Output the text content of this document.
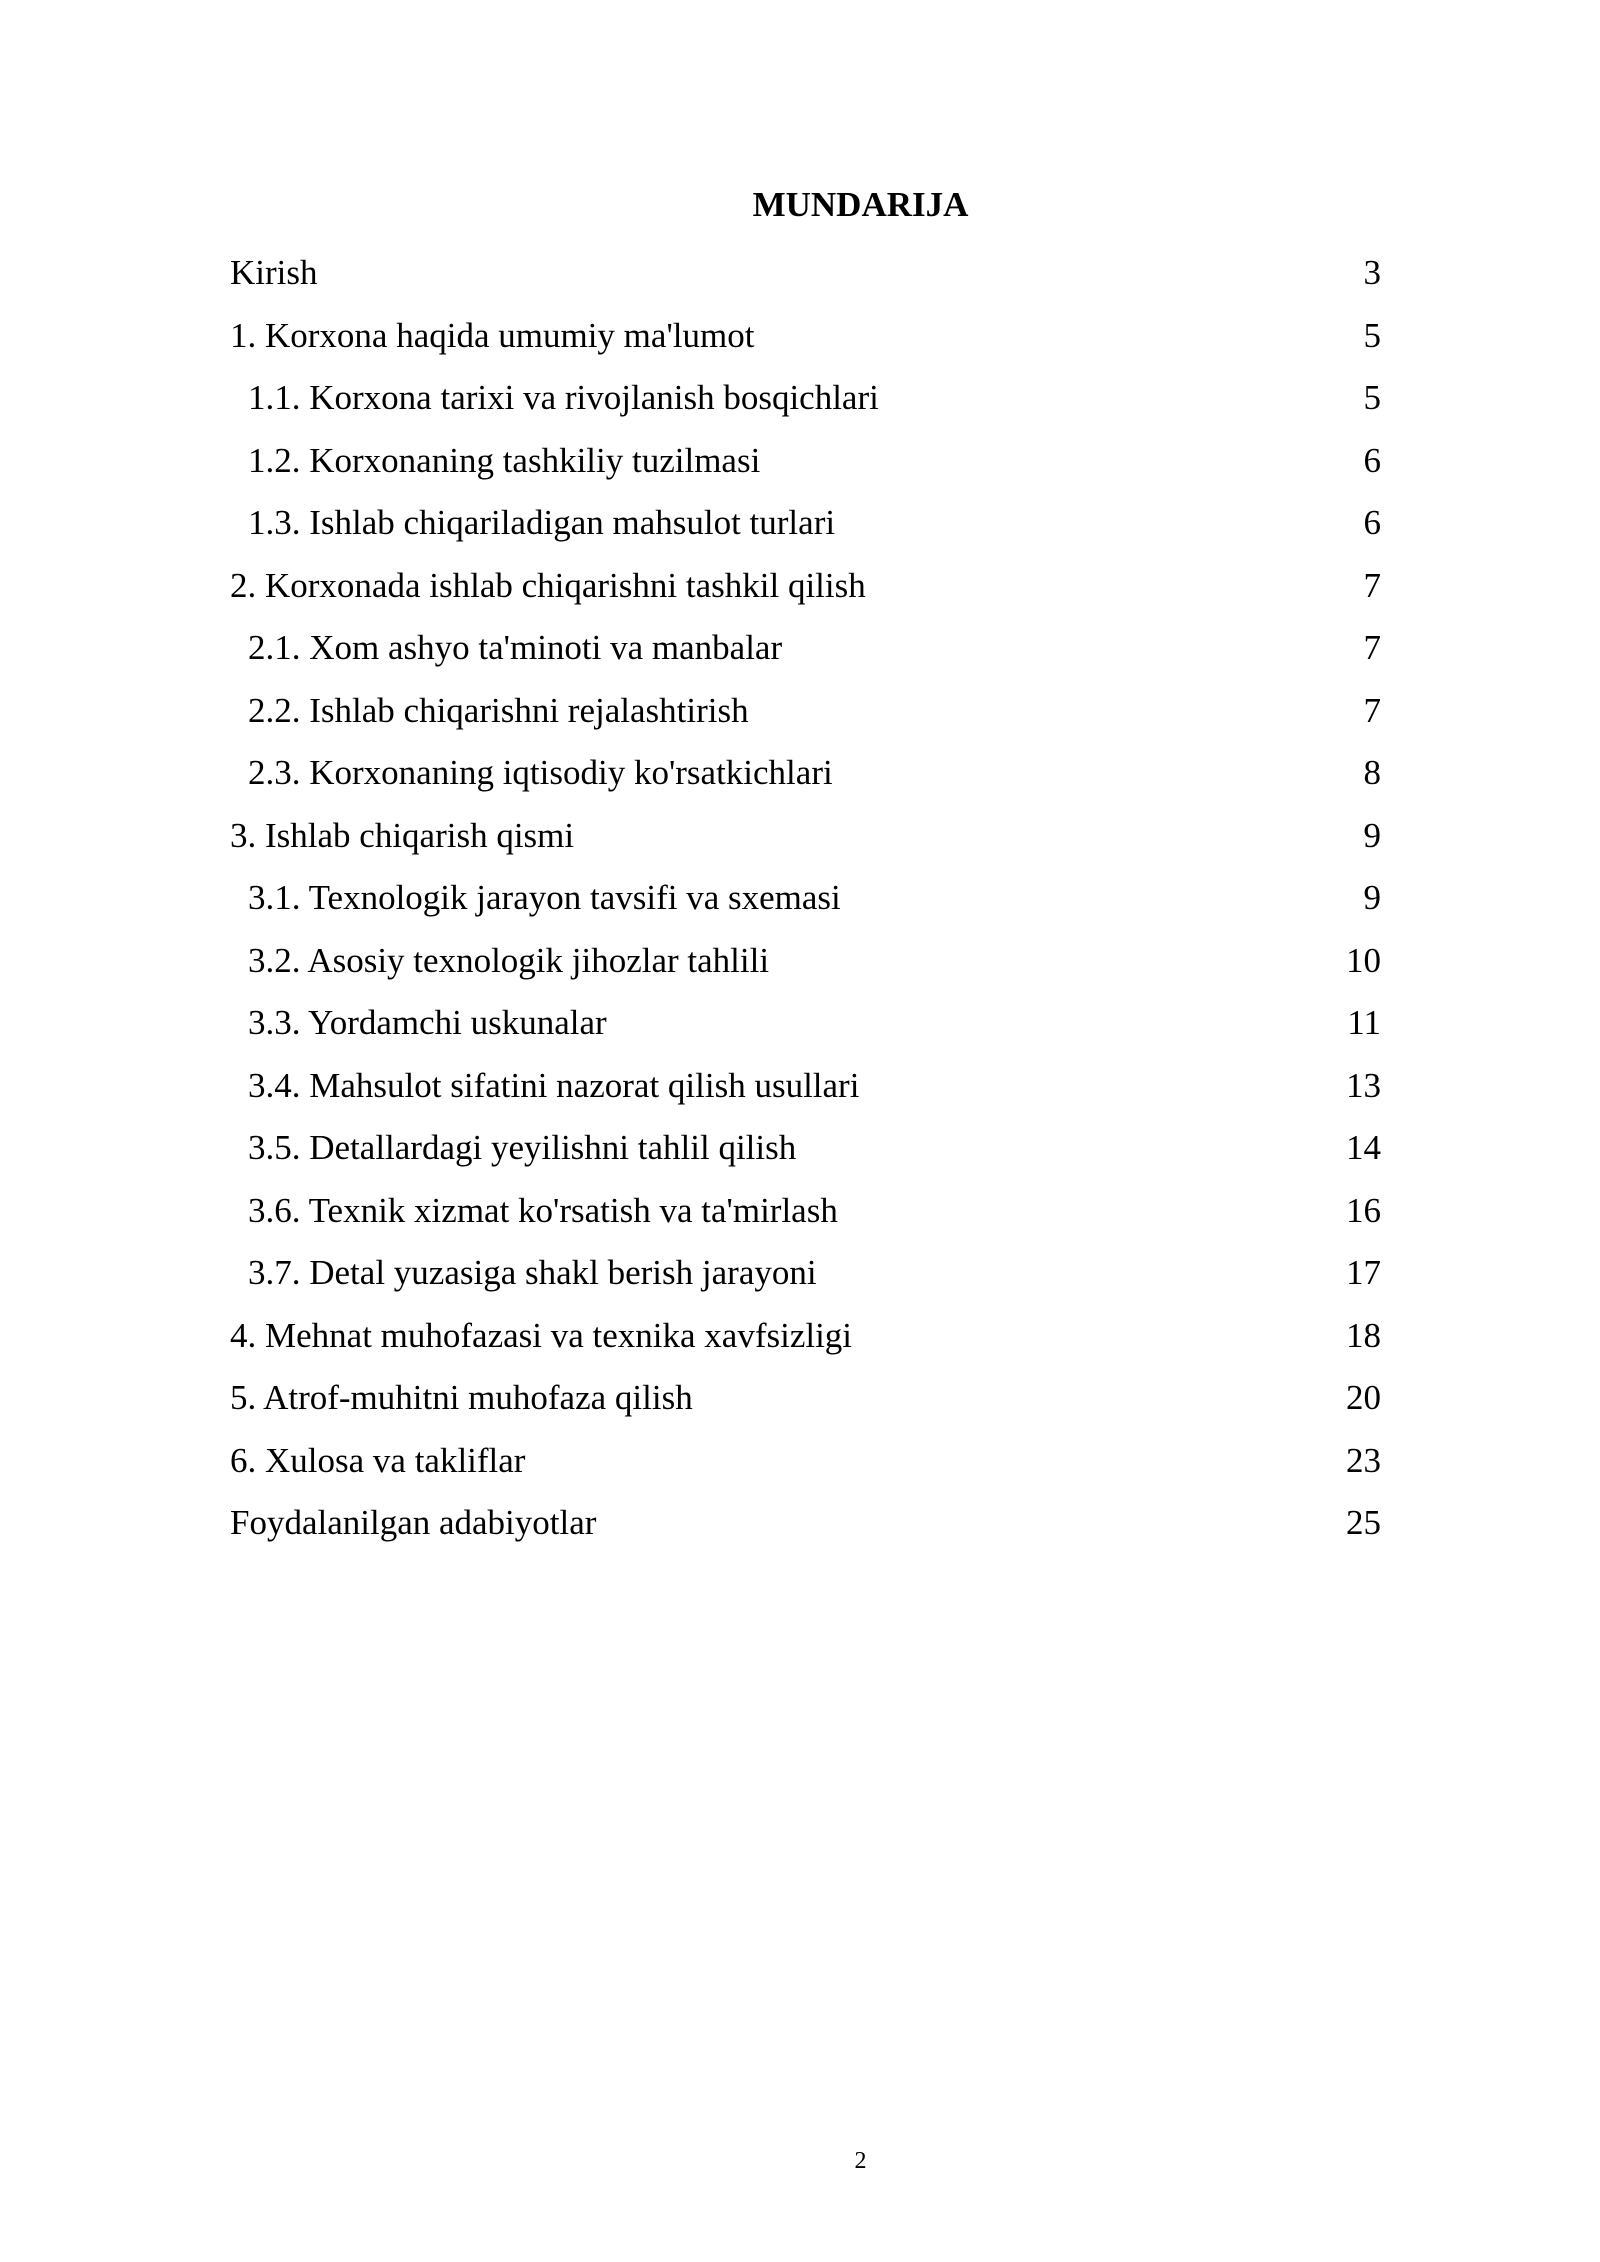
MUNDARIJA
Kirish	3
1. Korxona haqida umumiy ma'lumot	5
1.1. Korxona tarixi va rivojlanish bosqichlari	5
1.2. Korxonaning tashkiliy tuzilmasi	6
1.3. Ishlab chiqariladigan mahsulot turlari	6
2. Korxonada ishlab chiqarishni tashkil qilish	7
2.1. Xom ashyo ta'minoti va manbalar	7
2.2. Ishlab chiqarishni rejalashtirish	7
2.3. Korxonaning iqtisodiy ko'rsatkichlari	8
3. Ishlab chiqarish qismi	9
3.1. Texnologik jarayon tavsifi va sxemasi	9
3.2. Asosiy texnologik jihozlar tahlili	10
3.3. Yordamchi uskunalar	11
3.4. Mahsulot sifatini nazorat qilish usullari	13
3.5. Detallardagi yeyilishni tahlil qilish	14
3.6. Texnik xizmat ko'rsatish va ta'mirlash	16
3.7. Detal yuzasiga shakl berish jarayoni	17
4. Mehnat muhofazasi va texnika xavfsizligi	18
5. Atrof-muhitni muhofaza qilish	20
6. Xulosa va takliflar	23
Foydalanilgan adabiyotlar	25
2
